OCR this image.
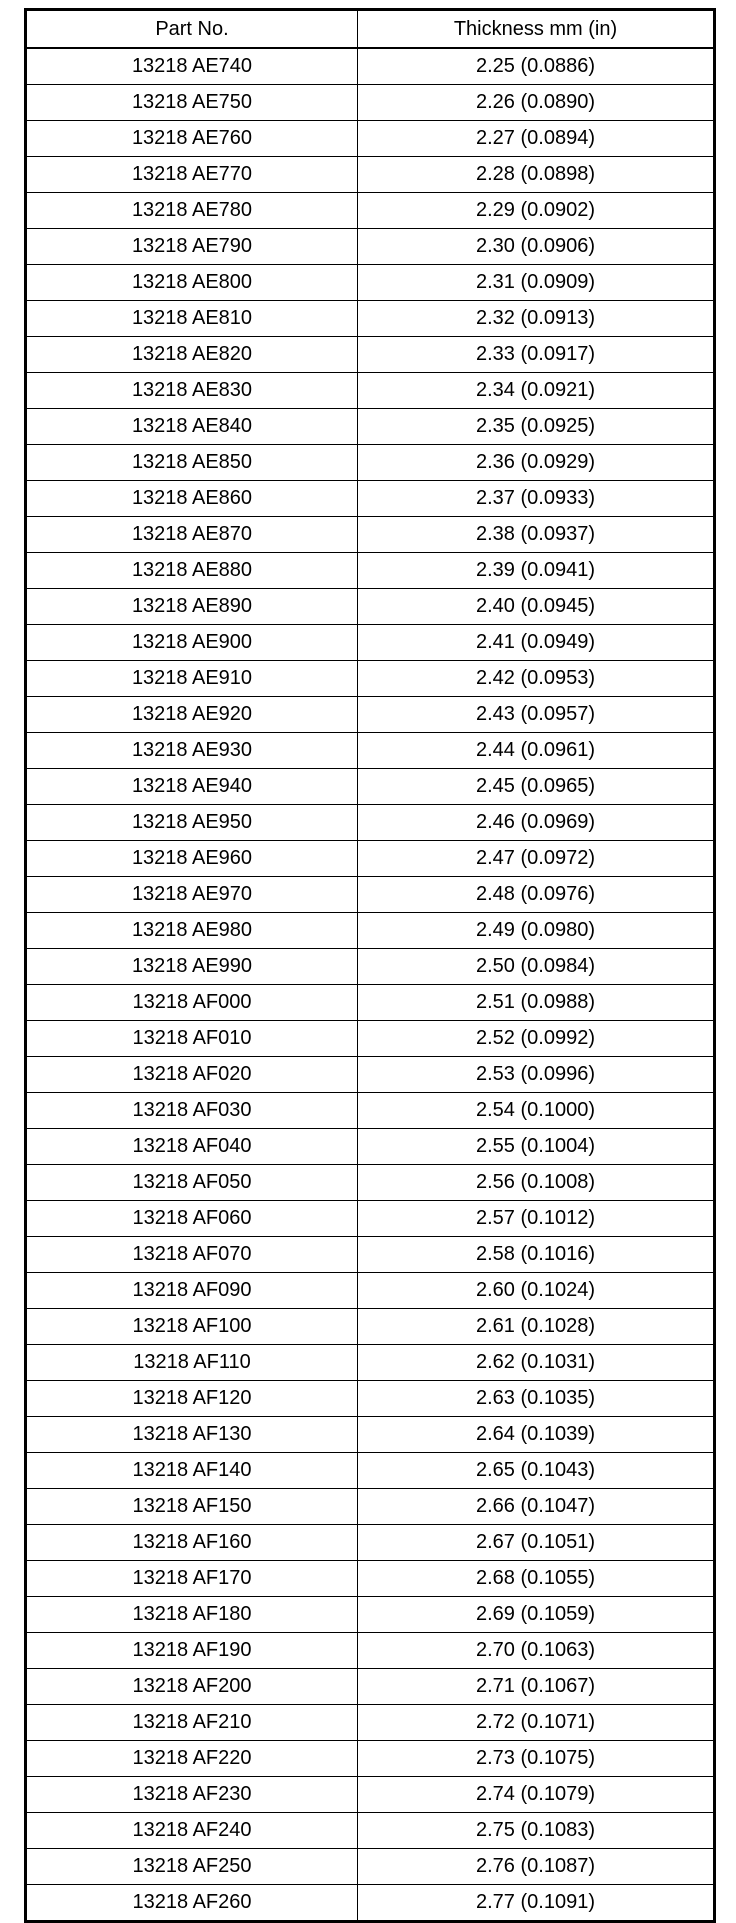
Part No.	Thickness mm (in)
13218 AE740	2.25 (0.0886)
13218 AE750	2.26 (0.0890)
13218 AE760	2.27 (0.0894)
13218 AE770	2.28 (0.0898)
13218 AE780	2.29 (0.0902)
13218 AE790	2.30 (0.0906)
13218 AE800	2.31 (0.0909)
13218 AE810	2.32 (0.0913)
13218 AE820	2.33 (0.0917)
13218 AE830	2.34 (0.0921)
13218 AE840	2.35 (0.0925)
13218 AE850	2.36 (0.0929)
13218 AE860	2.37 (0.0933)
13218 AE870	2.38 (0.0937)
13218 AE880	2.39 (0.0941)
13218 AE890	2.40 (0.0945)
13218 AE900	2.41 (0.0949)
13218 AE910	2.42 (0.0953)
13218 AE920	2.43 (0.0957)
13218 AE930	2.44 (0.0961)
13218 AE940	2.45 (0.0965)
13218 AE950	2.46 (0.0969)
13218 AE960	2.47 (0.0972)
13218 AE970	2.48 (0.0976)
13218 AE980	2.49 (0.0980)
13218 AE990	2.50 (0.0984)
13218 AF000	2.51 (0.0988)
13218 AF010	2.52 (0.0992)
13218 AF020	2.53 (0.0996)
13218 AF030	2.54 (0.1000)
13218 AF040	2.55 (0.1004)
13218 AF050	2.56 (0.1008)
13218 AF060	2.57 (0.1012)
13218 AF070	2.58 (0.1016)
13218 AF090	2.60 (0.1024)
13218 AF100	2.61 (0.1028)
13218 AF110	2.62 (0.1031)
13218 AF120	2.63 (0.1035)
13218 AF130	2.64 (0.1039)
13218 AF140	2.65 (0.1043)
13218 AF150	2.66 (0.1047)
13218 AF160	2.67 (0.1051)
13218 AF170	2.68 (0.1055)
13218 AF180	2.69 (0.1059)
13218 AF190	2.70 (0.1063)
13218 AF200	2.71 (0.1067)
13218 AF210	2.72 (0.1071)
13218 AF220	2.73 (0.1075)
13218 AF230	2.74 (0.1079)
13218 AF240	2.75 (0.1083)
13218 AF250	2.76 (0.1087)
13218 AF260	2.77 (0.1091)
